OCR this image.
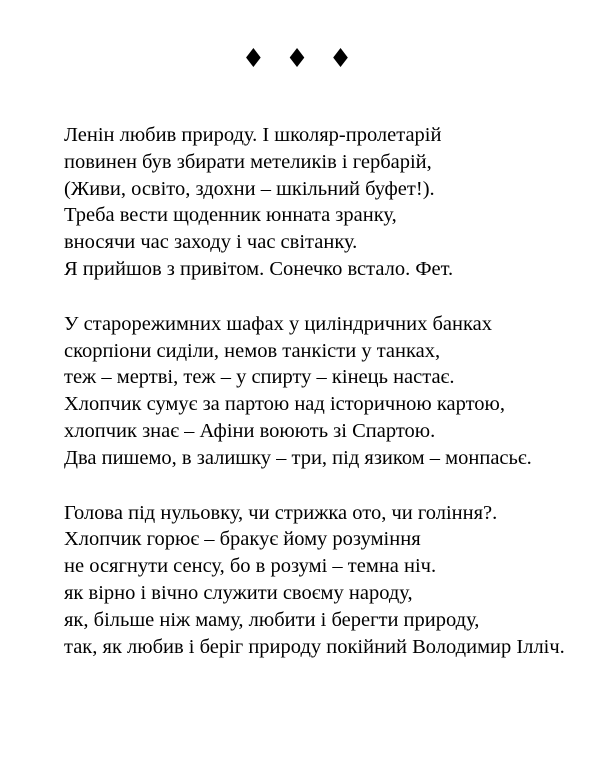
♦ ♦ ♦
Ленін любив природу. І школяр-пролетарій
повинен був збирати метеликів і гербарій,
(Живи, освіто, здохни – шкільний буфет!).
Треба вести щоденник юнната зранку,
вносячи час заходу і час світанку.
Я прийшов з привітом. Сонечко встало. Фет.
У старорежимних шафах у циліндричних банках
скорпіони сиділи, немов танкісти у танках,
теж – мертві, теж – у спирту – кінець настає.
Хлопчик сумує за партою над історичною картою,
хлопчик знає – Афіни воюють зі Спартою.
Два пишемо, в залишку – три, під язиком – монпасьє.
Голова під нульовку, чи стрижка ото, чи гоління?.
Хлопчик горює – бракує йому розуміння
не осягнути сенсу, бо в розумі – темна ніч.
як вірно і вічно служити своєму народу,
як, більше ніж маму, любити і берегти природу,
так, як любив і беріг природу покійний Володимир Ілліч.
